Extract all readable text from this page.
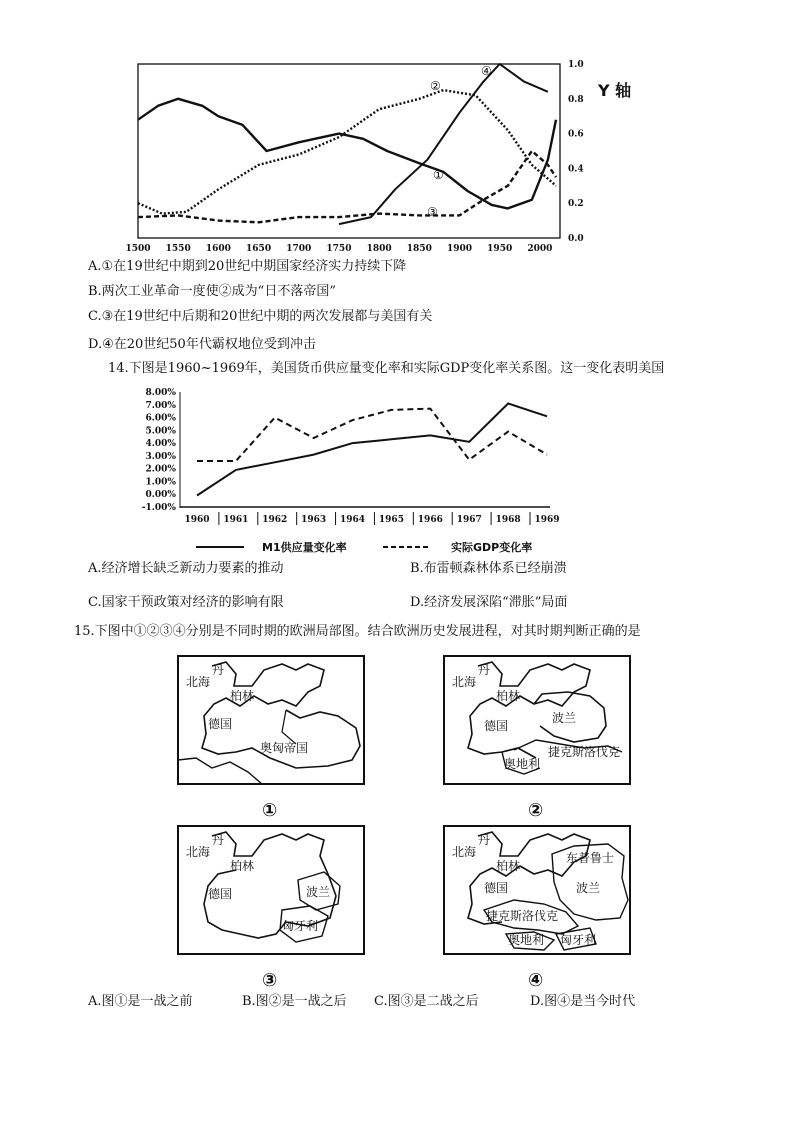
1500 1550 1600 1650 1700 1750 1800 1850 1900 1950 2000
0.0
0.2
0.4
0.6
0.8
1.0
Y 轴
①
②
③
④
A.①在19世纪中期到20世纪中期国家经济实力持续下降
B.两次工业革命一度使②成为“日不落帝国”
C.③在19世纪中后期和20世纪中期的两次发展都与美国有关
D.④在20世纪50年代霸权地位受到冲击
14.下图是1960~1969年，美国货币供应量变化率和实际GDP变化率关系图。这一变化表明美国
-1.00%
0.00%
1.00%
2.00%
3.00%
4.00%
5.00%
6.00%
7.00%
8.00%
1960 1961 1962 1963 1964 1965 1966 1967 1968 1969
M1供应量变化率	实际GDP变化率
A.经济增长缺乏新动力要素的推动	B.布雷顿森林体系已经崩溃
C.国家干预政策对经济的影响有限	D.经济发展深陷“滞胀”局面
15.下图中①②③④分别是不同时期的欧洲局部图。结合欧洲历史发展进程，对其时期判断正确的是
丹
北海
柏林
德国
奥匈帝国
①
丹
北海
柏林
德国
波兰
奥地利
捷克斯洛伐克
②
丹
北海
柏林
德国	波兰
匈牙利
③
丹
北海
柏林
德国
东普鲁士
波兰
捷克斯洛伐克
奥地利 匈牙利
④
A.图①是一战之前	B.图②是一战之后 C.图③是二战之后	D.图④是当今时代
